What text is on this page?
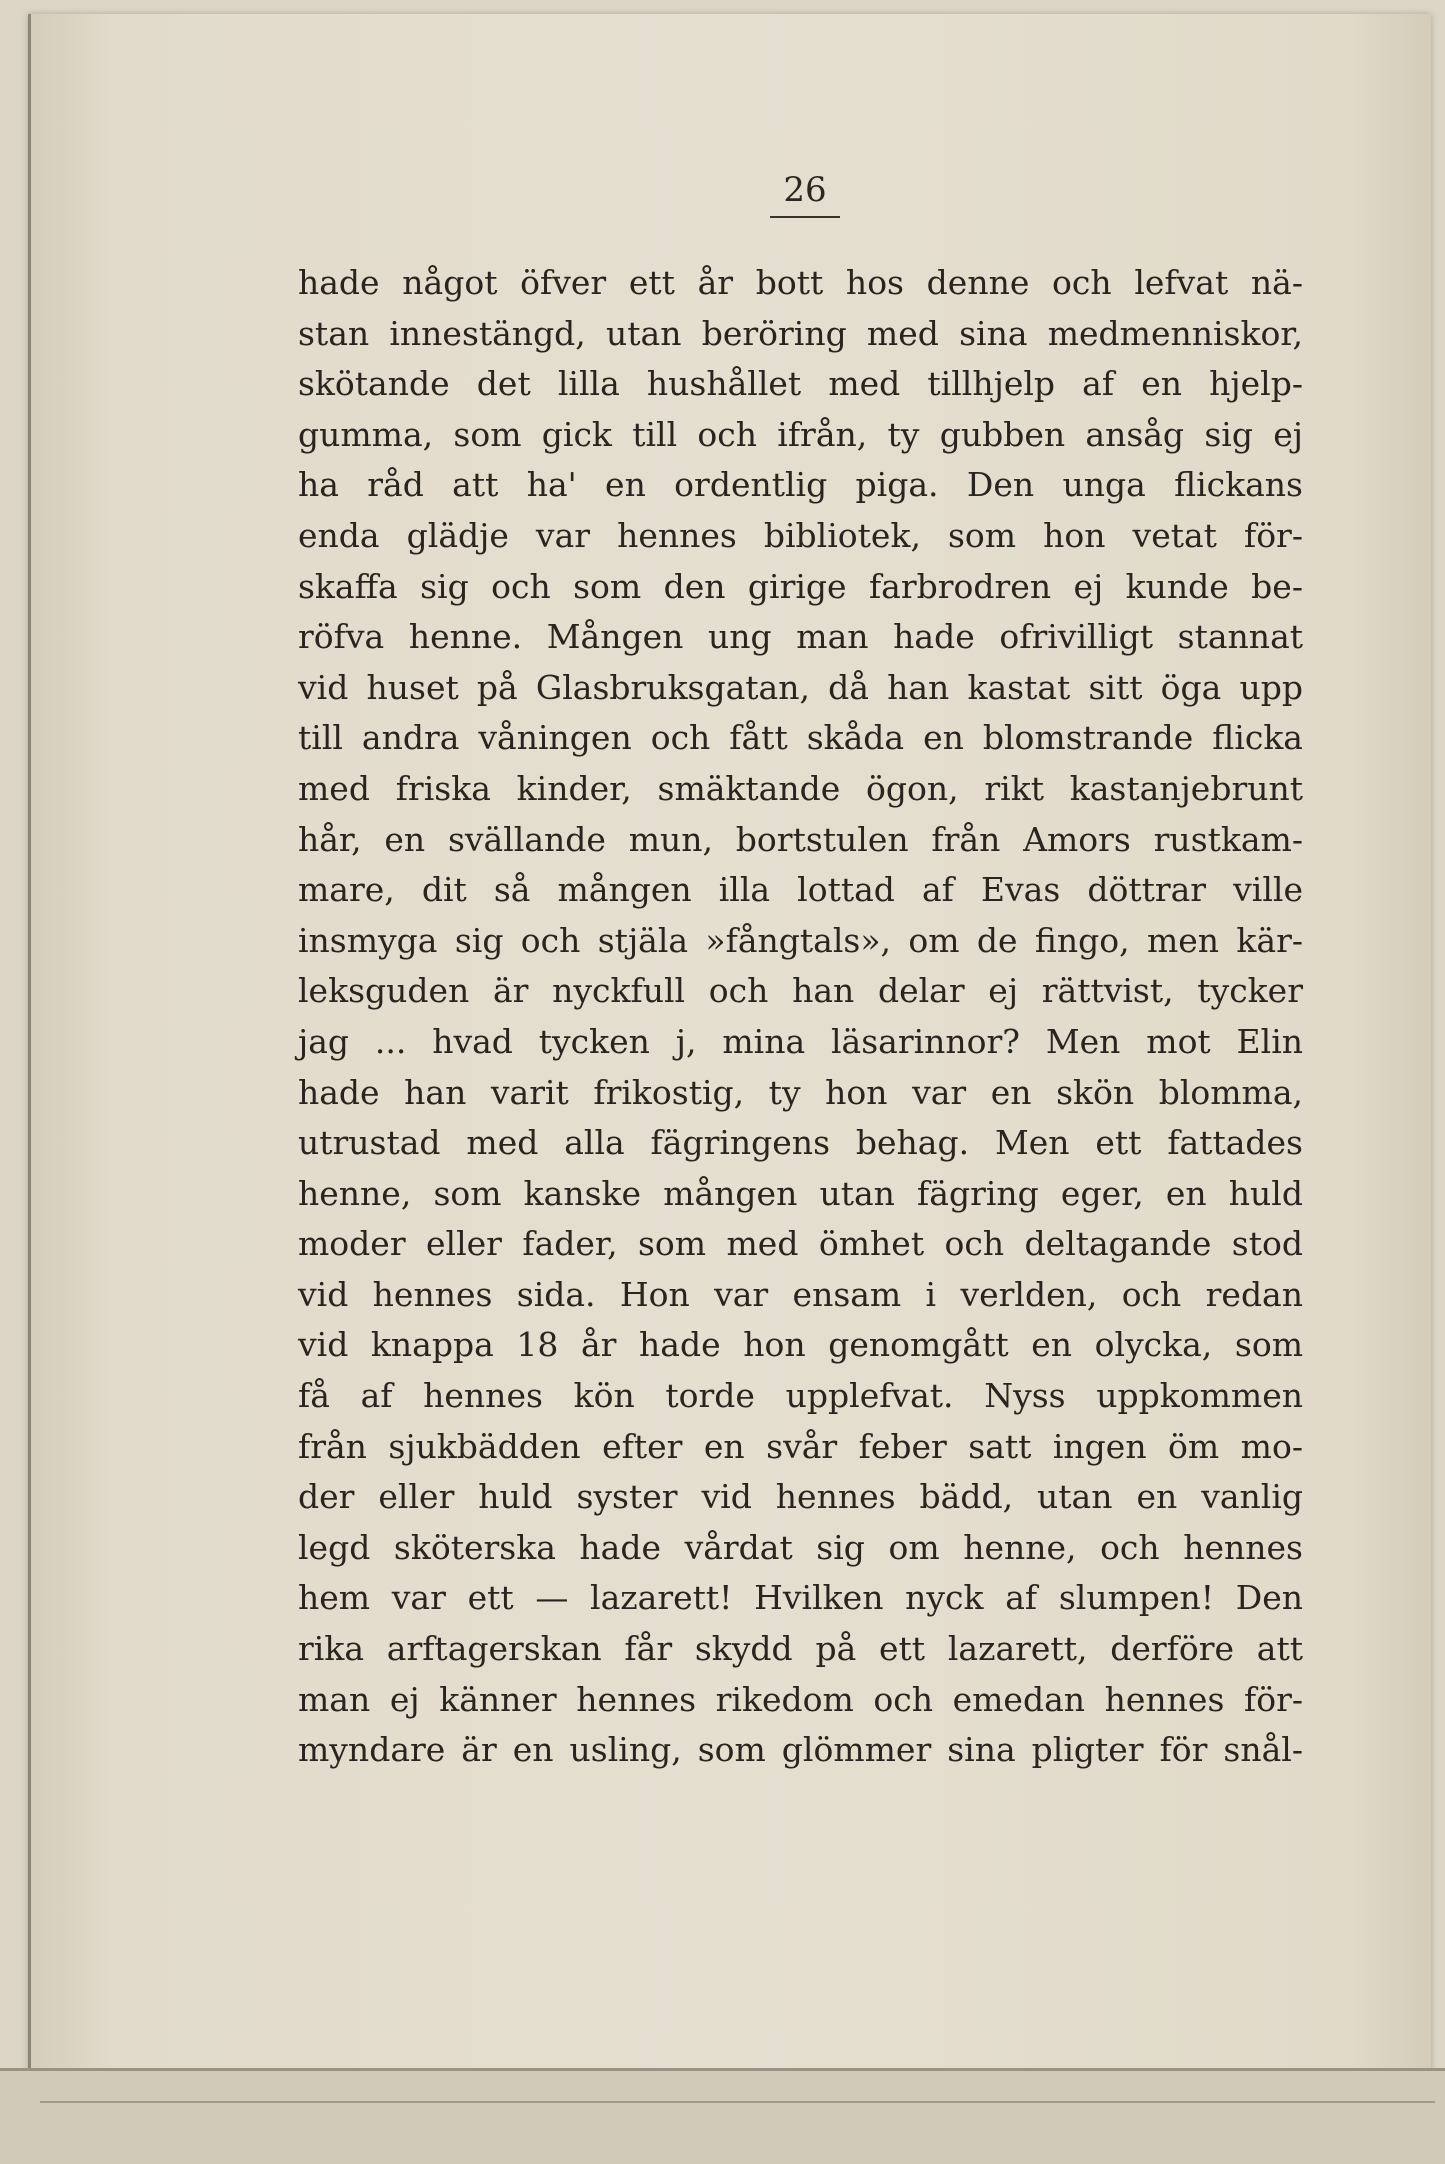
26
hade något öfver ett år bott hos denne och lefvat nä-
stan innestängd, utan beröring med sina medmenniskor,
skötande det lilla hushållet med tillhjelp af en hjelp-
gumma, som gick till och ifrån, ty gubben ansåg sig ej
ha råd att ha' en ordentlig piga. Den unga flickans
enda glädje var hennes bibliotek, som hon vetat för-
skaffa sig och som den girige farbrodren ej kunde be-
röfva henne. Mången ung man hade ofrivilligt stannat
vid huset på Glasbruksgatan, då han kastat sitt öga upp
till andra våningen och fått skåda en blomstrande flicka
med friska kinder, smäktande ögon, rikt kastanjebrunt
hår, en svällande mun, bortstulen från Amors rustkam-
mare, dit så mången illa lottad af Evas döttrar ville
insmyga sig och stjäla »fångtals», om de fingo, men kär-
leksguden är nyckfull och han delar ej rättvist, tycker
jag ... hvad tycken j, mina läsarinnor? Men mot Elin
hade han varit frikostig, ty hon var en skön blomma,
utrustad med alla fägringens behag. Men ett fattades
henne, som kanske mången utan fägring eger, en huld
moder eller fader, som med ömhet och deltagande stod
vid hennes sida. Hon var ensam i verlden, och redan
vid knappa 18 år hade hon genomgått en olycka, som
få af hennes kön torde upplefvat. Nyss uppkommen
från sjukbädden efter en svår feber satt ingen öm mo-
der eller huld syster vid hennes bädd, utan en vanlig
legd sköterska hade vårdat sig om henne, och hennes
hem var ett — lazarett! Hvilken nyck af slumpen! Den
rika arftagerskan får skydd på ett lazarett, derföre att
man ej känner hennes rikedom och emedan hennes för-
myndare är en usling, som glömmer sina pligter för snål-
